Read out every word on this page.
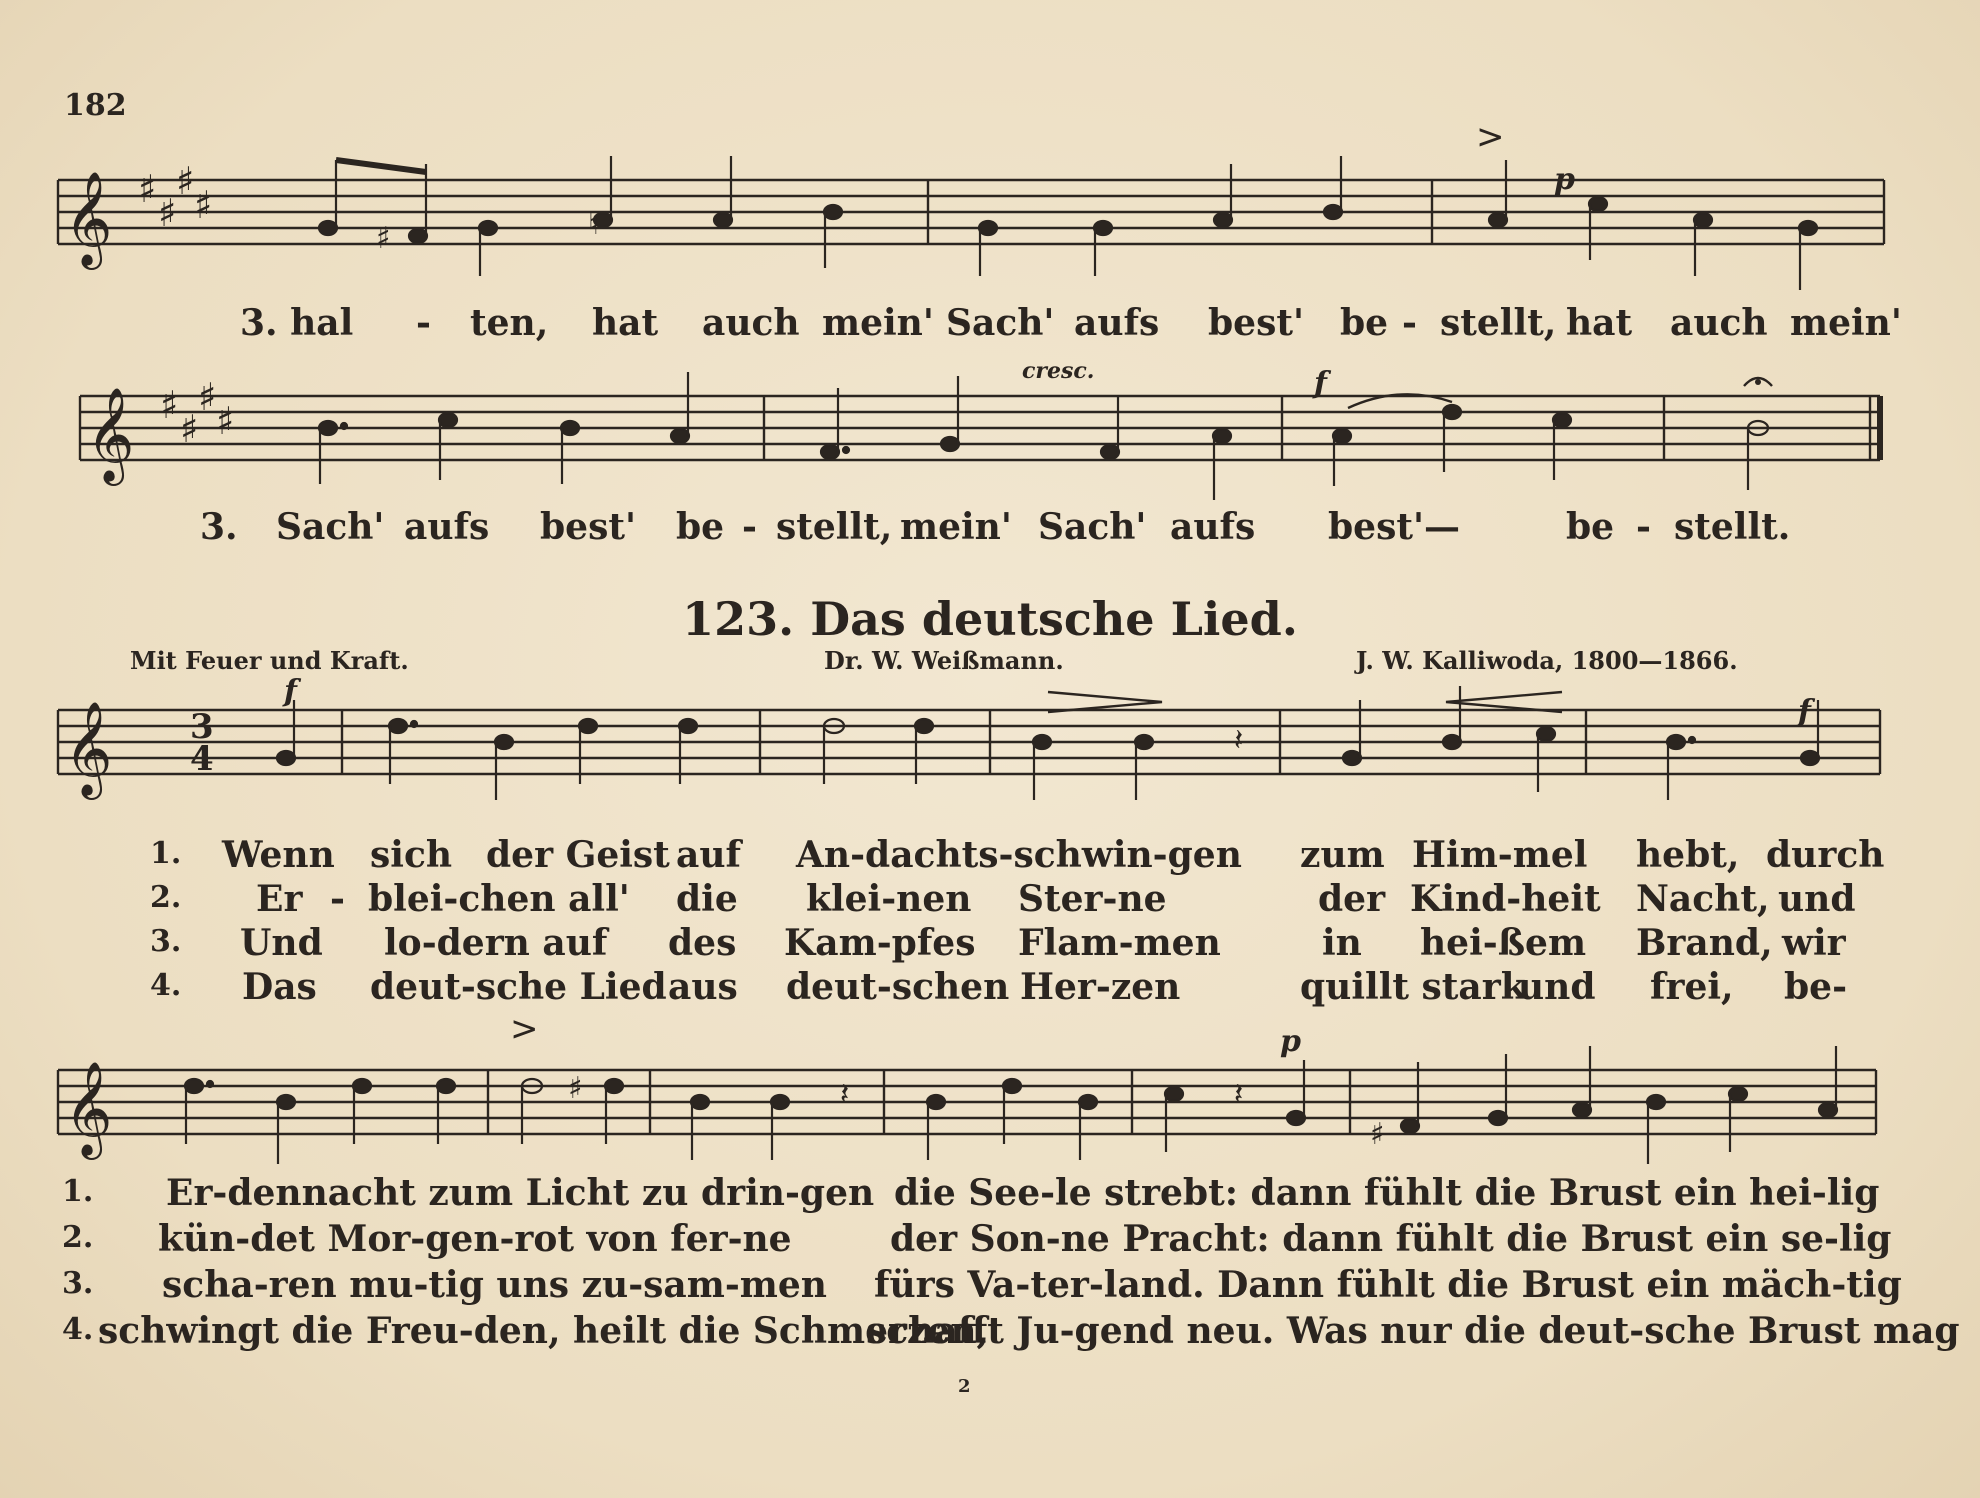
182
𝄞 ♯
♯
♯
♯
♯	♮
>
p
3. hal - ten, hat auch mein' Sach' aufs best' be - stellt, hat auch mein'
cresc.	f
𝄞 ♯
♯
♯
♯
3. Sach' aufs best' be - stellt, mein' Sach' aufs best' —	be - stellt.
123. Das deutsche Lied.
Mit Feuer und Kraft.	Dr. W. Weißmann.	J. W. Kalliwoda, 1800—1866.
f
f
𝄞 3
4	𝄽
1. Wenn sich der Geist auf An-dachts-schwin-gen zum Him-mel hebt, durch
2. Er - blei-chen all' die klei-nen Ster-ne	der Kind-heit Nacht, und
3. Und lo-dern auf des Kam-pfes Flam-men	in hei-ßem Brand, wir
4. Das deut-sche Lied aus deut-schen Her-zen	quillt stark
und frei, be-
p
𝄞	♯
♯
𝄽	𝄽
>
1. Er-dennacht zum Licht zu drin-gen die See-le strebt: dann fühlt die Brust ein hei-lig
2. kün-det Mor-gen-rot von fer-ne	der Son-ne Pracht: dann fühlt die Brust ein se-lig
3. scha-ren mu-tig uns zu-sam-men fürs Va-ter-land. Dann fühlt die Brust ein mäch-tig
4. schwingt die Freu-den, heilt die Schmerzen,
schafft Ju-gend neu. Was nur die deut-sche Brust mag
2
